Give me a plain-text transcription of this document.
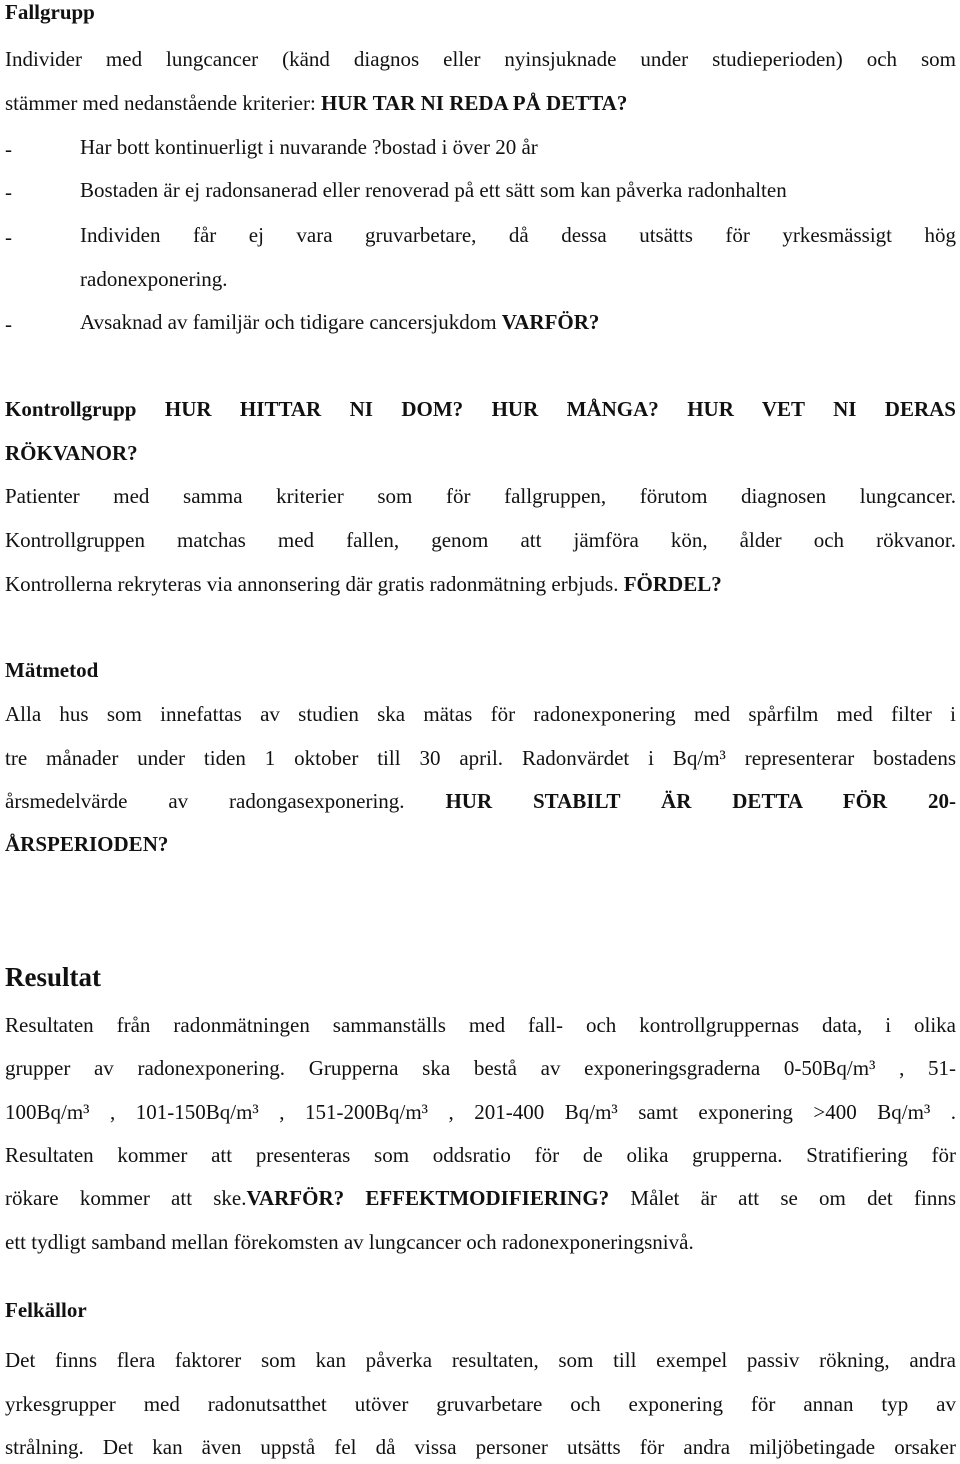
Fallgrupp
Individer med lungcancer (känd diagnos eller nyinsjuknade under studieperioden) och som
stämmer med nedanstående kriterier: HUR TAR NI REDA PÅ DETTA?
-	Har bott kontinuerligt i nuvarande ?bostad i över 20 år
-	Bostaden är ej radonsanerad eller renoverad på ett sätt som kan påverka radonhalten
-	Individen får ej vara gruvarbetare, då dessa utsätts för yrkesmässigt hög
radonexponering.
-	Avsaknad av familjär och tidigare cancersjukdom VARFÖR?
Kontrollgrupp HUR HITTAR NI DOM? HUR MÅNGA? HUR VET NI DERAS
RÖKVANOR?
Patienter med samma kriterier som för fallgruppen, förutom diagnosen lungcancer.
Kontrollgruppen matchas med fallen, genom att jämföra kön, ålder och rökvanor.
Kontrollerna rekryteras via annonsering där gratis radonmätning erbjuds. FÖRDEL?
Mätmetod
Alla hus som innefattas av studien ska mätas för radonexponering med spårfilm med filter i
tre månader under tiden 1 oktober till 30 april. Radonvärdet i Bq/m³ representerar bostadens
årsmedelvärde av radongasexponering. HUR STABILT ÄR DETTA FÖR 20-
ÅRSPERIODEN?
Resultat
Resultaten från radonmätningen sammanställs med fall- och kontrollgruppernas data, i olika
grupper av radonexponering. Grupperna ska bestå av exponeringsgraderna 0-50Bq/m³ , 51-
100Bq/m³ , 101-150Bq/m³ , 151-200Bq/m³ , 201-400 Bq/m³ samt exponering >400 Bq/m³ .
Resultaten kommer att presenteras som oddsratio för de olika grupperna. Stratifiering för
rökare kommer att ske.VARFÖR? EFFEKTMODIFIERING? Målet är att se om det finns
ett tydligt samband mellan förekomsten av lungcancer och radonexponeringsnivå.
Felkällor
Det finns flera faktorer som kan påverka resultaten, som till exempel passiv rökning, andra
yrkesgrupper med radonutsatthet utöver gruvarbetare och exponering för annan typ av
strålning. Det kan även uppstå fel då vissa personer utsätts för andra miljöbetingade orsaker
